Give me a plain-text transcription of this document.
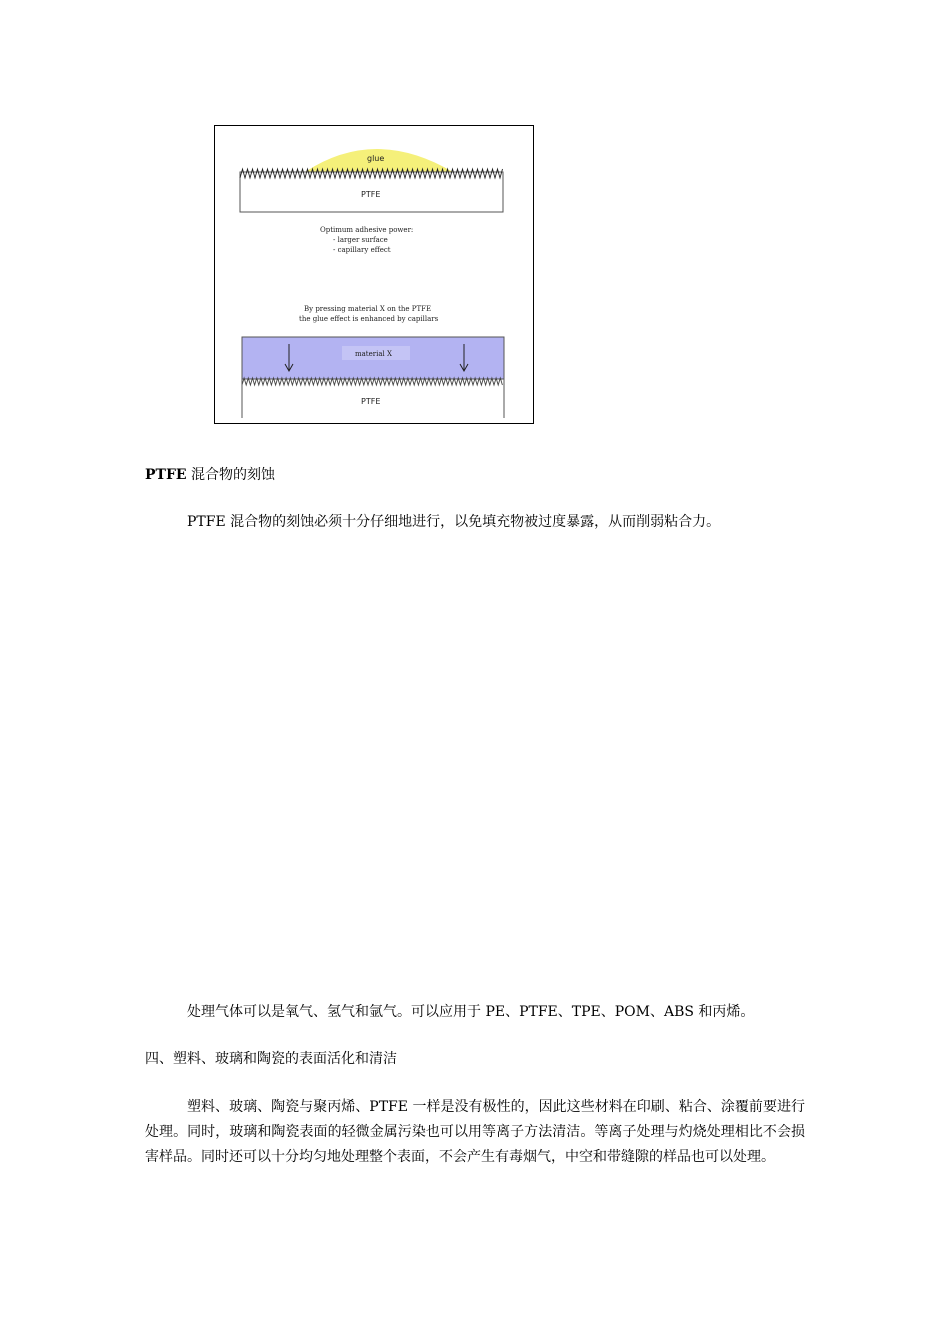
glue
PTFE
Optimum adhesive power:
- larger surface
- capillary effect
By pressing material X on the PTFE
the glue effect is enhanced by capillars
material X
PTFE
PTFE 混合物的刻蚀
PTFE 混合物的刻蚀必须十分仔细地进行，以免填充物被过度暴露，从而削弱粘合力。
处理气体可以是氧气、氢气和氩气。可以应用于 PE、PTFE、TPE、POM、ABS 和丙烯。
四、塑料、玻璃和陶瓷的表面活化和清洁
塑料、玻璃、陶瓷与聚丙烯、PTFE 一样是没有极性的，因此这些材料在印刷、粘合、涂覆前要进行处理。同时，玻璃和陶瓷表面的轻微金属污染也可以用等离子方法清洁。等离子处理与灼烧处理相比不会损害样品。同时还可以十分均匀地处理整个表面，不会产生有毒烟气，中空和带缝隙的样品也可以处理。
